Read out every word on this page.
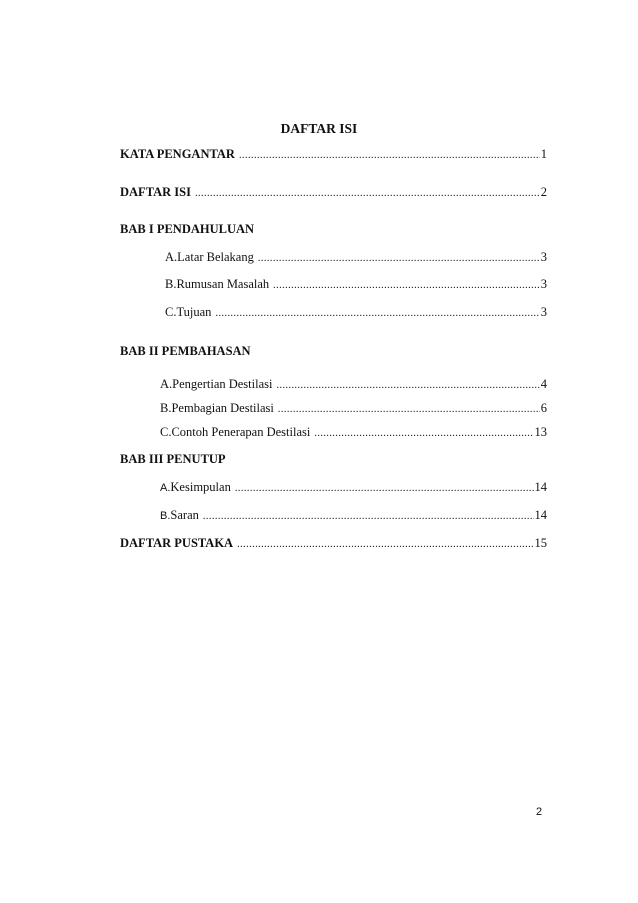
DAFTAR ISI
KATA PENGANTAR .....	1
DAFTAR ISI .....	2
BAB I PENDAHULUAN
A. Latar Belakang .....	3
B. Rumusan Masalah .....	3
C. Tujuan .....	3
BAB II PEMBAHASAN
A. Pengertian Destilasi .....	4
B. Pembagian Destilasi .....	6
C. Contoh Penerapan Destilasi .....	13
BAB III PENUTUP
A. Kesimpulan .....	14
B. Saran .....	14
DAFTAR PUSTAKA .....	15
2
